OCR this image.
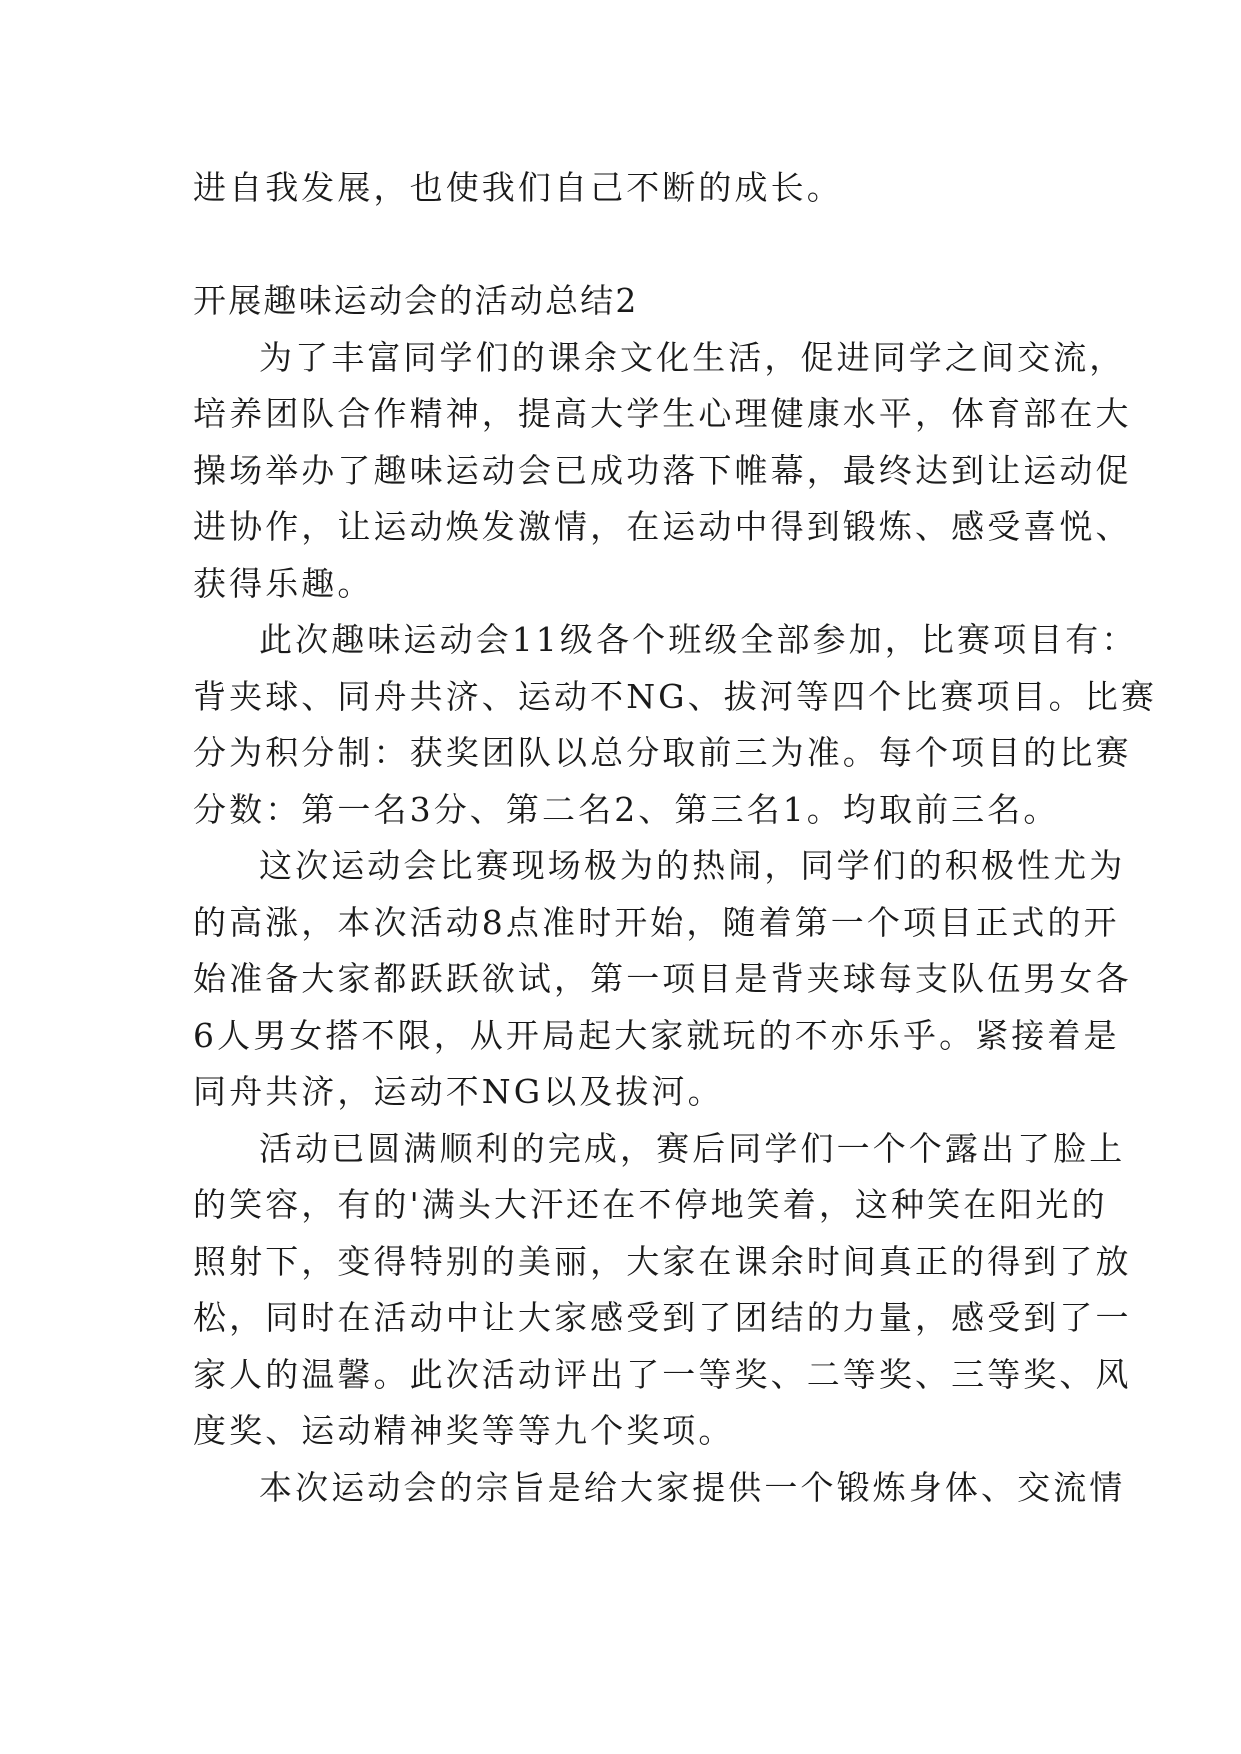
进自我发展，也使我们自己不断的成长。
开展趣味运动会的活动总结2
为了丰富同学们的课余文化生活，促进同学之间交流，
培养团队合作精神，提高大学生心理健康水平，体育部在大
操场举办了趣味运动会已成功落下帷幕，最终达到让运动促
进协作，让运动焕发激情，在运动中得到锻炼、感受喜悦、
获得乐趣。
此次趣味运动会11级各个班级全部参加，比赛项目有：
背夹球、同舟共济、运动不NG、拔河等四个比赛项目。比赛
分为积分制：获奖团队以总分取前三为准。每个项目的比赛
分数：第一名3分、第二名2、第三名1。均取前三名。
这次运动会比赛现场极为的热闹，同学们的积极性尤为
的高涨，本次活动8点准时开始，随着第一个项目正式的开
始准备大家都跃跃欲试，第一项目是背夹球每支队伍男女各
6人男女搭不限，从开局起大家就玩的不亦乐乎。紧接着是
同舟共济，运动不NG以及拔河。
活动已圆满顺利的完成，赛后同学们一个个露出了脸上
的笑容，有的'满头大汗还在不停地笑着，这种笑在阳光的
照射下，变得特别的美丽，大家在课余时间真正的得到了放
松，同时在活动中让大家感受到了团结的力量，感受到了一
家人的温馨。此次活动评出了一等奖、二等奖、三等奖、风
度奖、运动精神奖等等九个奖项。
本次运动会的宗旨是给大家提供一个锻炼身体、交流情
